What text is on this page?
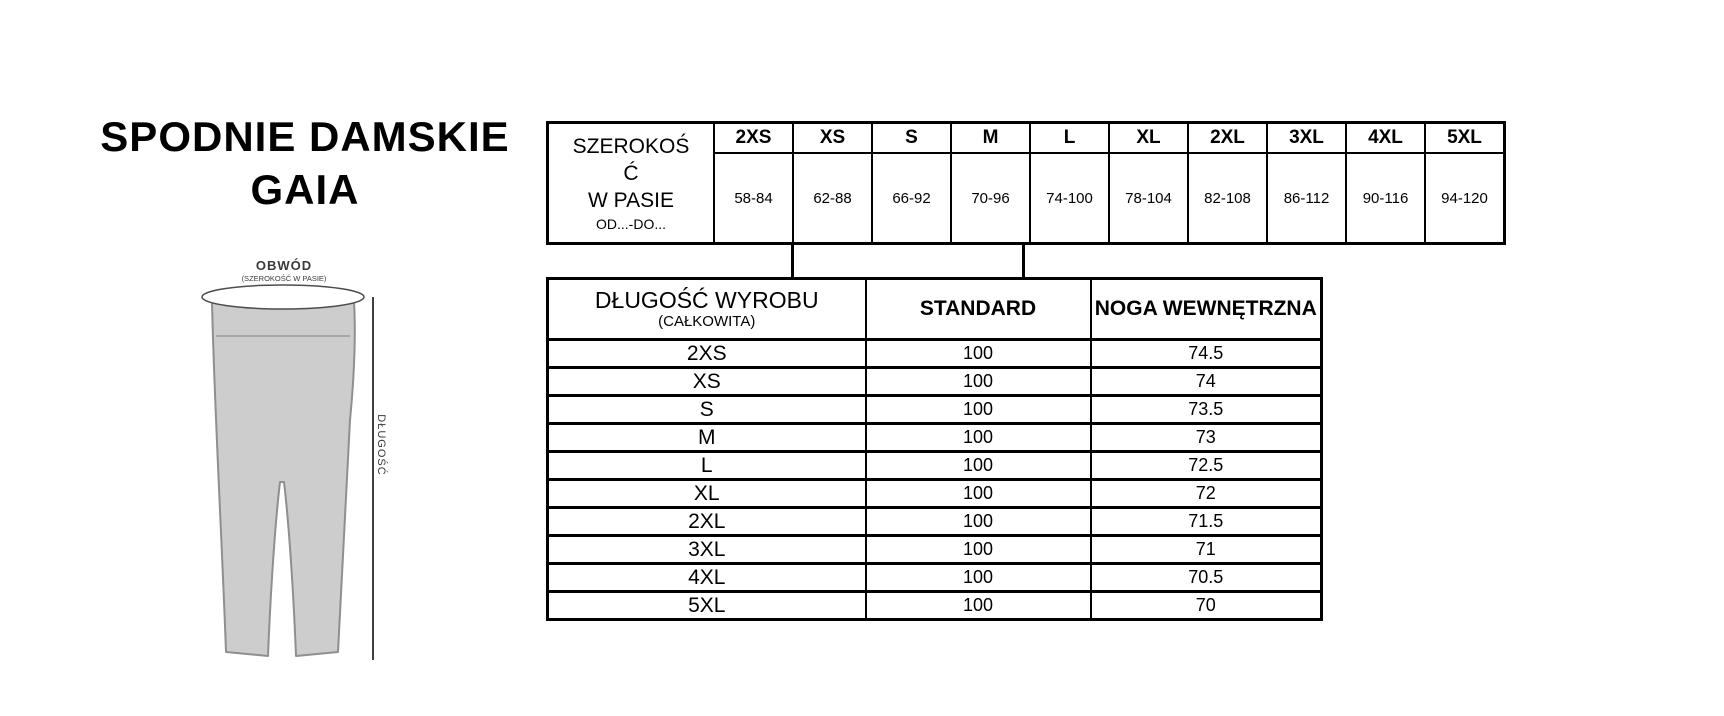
SPODNIE DAMSKIE
GAIA
OBWÓD
(SZEROKOŚĆ W PASIE)
DŁUGOŚĆ
SZEROKOŚ
Ć
W PASIE
OD...-DO...	2XS	XS	S	M	L	XL	2XL	3XL	4XL	5XL
	58-84	62-88	66-92	70-96	74-100	78-104	82-108	86-112	90-116	94-120
DŁUGOŚĆ WYROBU
(CAŁKOWITA)	STANDARD	NOGA WEWNĘTRZNA
2XS	100	74.5
XS	100	74
S	100	73.5
M	100	73
L	100	72.5
XL	100	72
2XL	100	71.5
3XL	100	71
4XL	100	70.5
5XL	100	70
